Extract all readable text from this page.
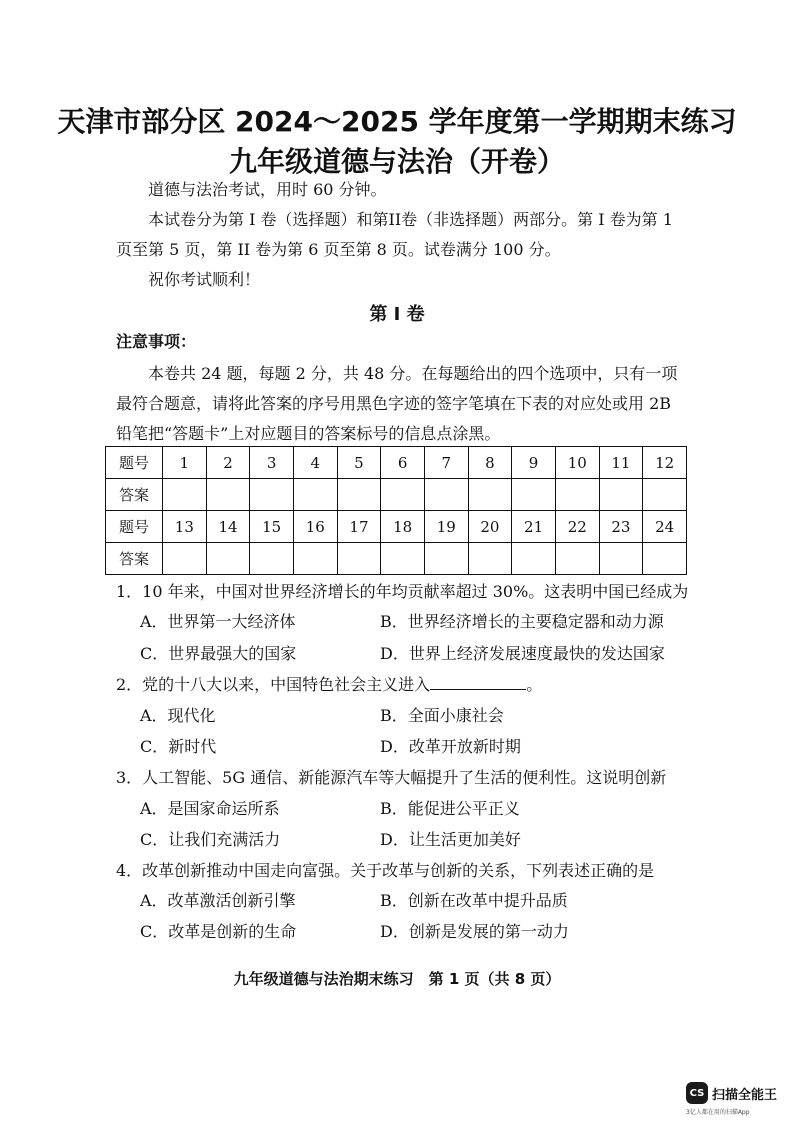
天津市部分区 2024～2025 学年度第一学期期末练习
九年级道德与法治（开卷）
道德与法治考试，用时 60 分钟。
本试卷分为第 I 卷（选择题）和第II卷（非选择题）两部分。第 I 卷为第 1
页至第 5 页，第 II 卷为第 6 页至第 8 页。试卷满分 100 分。
祝你考试顺利！
第 I 卷
注意事项：
本卷共 24 题，每题 2 分，共 48 分。在每题给出的四个选项中，只有一项
最符合题意，请将此答案的序号用黑色字迹的签字笔填在下表的对应处或用 2B
铅笔把“答题卡”上对应题目的答案标号的信息点涂黑。
题号	1	2	3	4	5	6	7	8	9	10	11	12
答案												
题号	13	14	15	16	17	18	19	20	21	22	23	24
答案												
1．10 年来，中国对世界经济增长的年均贡献率超过 30%。这表明中国已经成为
A．世界第一大经济体	B．世界经济增长的主要稳定器和动力源
C．世界最强大的国家	D．世界上经济发展速度最快的发达国家
2．党的十八大以来，中国特色社会主义进入	。
A．现代化	B．全面小康社会
C．新时代	D．改革开放新时期
3．人工智能、5G 通信、新能源汽车等大幅提升了生活的便利性。这说明创新
A．是国家命运所系	B．能促进公平正义
C．让我们充满活力	D．让生活更加美好
4．改革创新推动中国走向富强。关于改革与创新的关系，下列表述正确的是
A．改革激活创新引擎	B．创新在改革中提升品质
C．改革是创新的生命	D．创新是发展的第一动力
九年级道德与法治期末练习　第 1 页（共 8 页）
CS 扫描全能王
3亿人都在用的扫描App
